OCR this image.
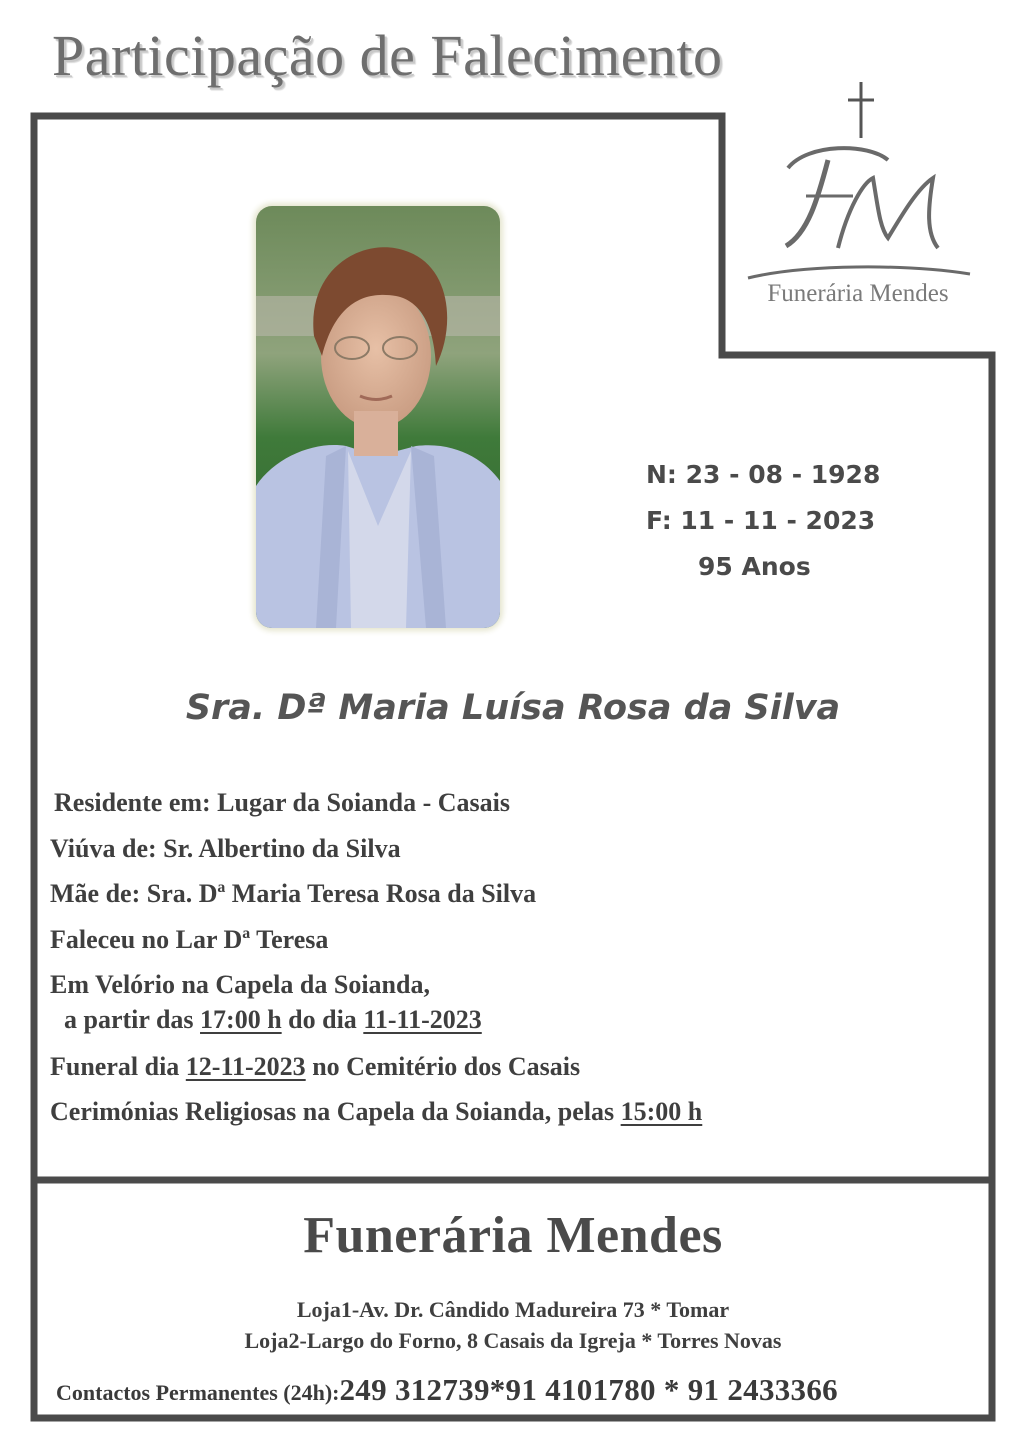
Participação de Falecimento
Funerária Mendes
N: 23 - 08 - 1928
F: 11 - 11 - 2023
95 Anos
Sra. Dª Maria Luísa Rosa da Silva
Residente em: Lugar da Soianda - Casais
Viúva de: Sr. Albertino da Silva
Mãe de: Sra. Dª Maria Teresa Rosa da Silva
Faleceu no Lar Dª Teresa
Em Velório na Capela da Soianda,
a partir das 17:00 h do dia 11-11-2023
Funeral dia 12-11-2023 no Cemitério dos Casais
Cerimónias Religiosas na Capela da Soianda, pelas 15:00 h
Funerária Mendes
Loja1-Av. Dr. Cândido Madureira 73 * Tomar
Loja2-Largo do Forno, 8 Casais da Igreja * Torres Novas
Contactos Permanentes (24h):249 312739*91 4101780 * 91 2433366
